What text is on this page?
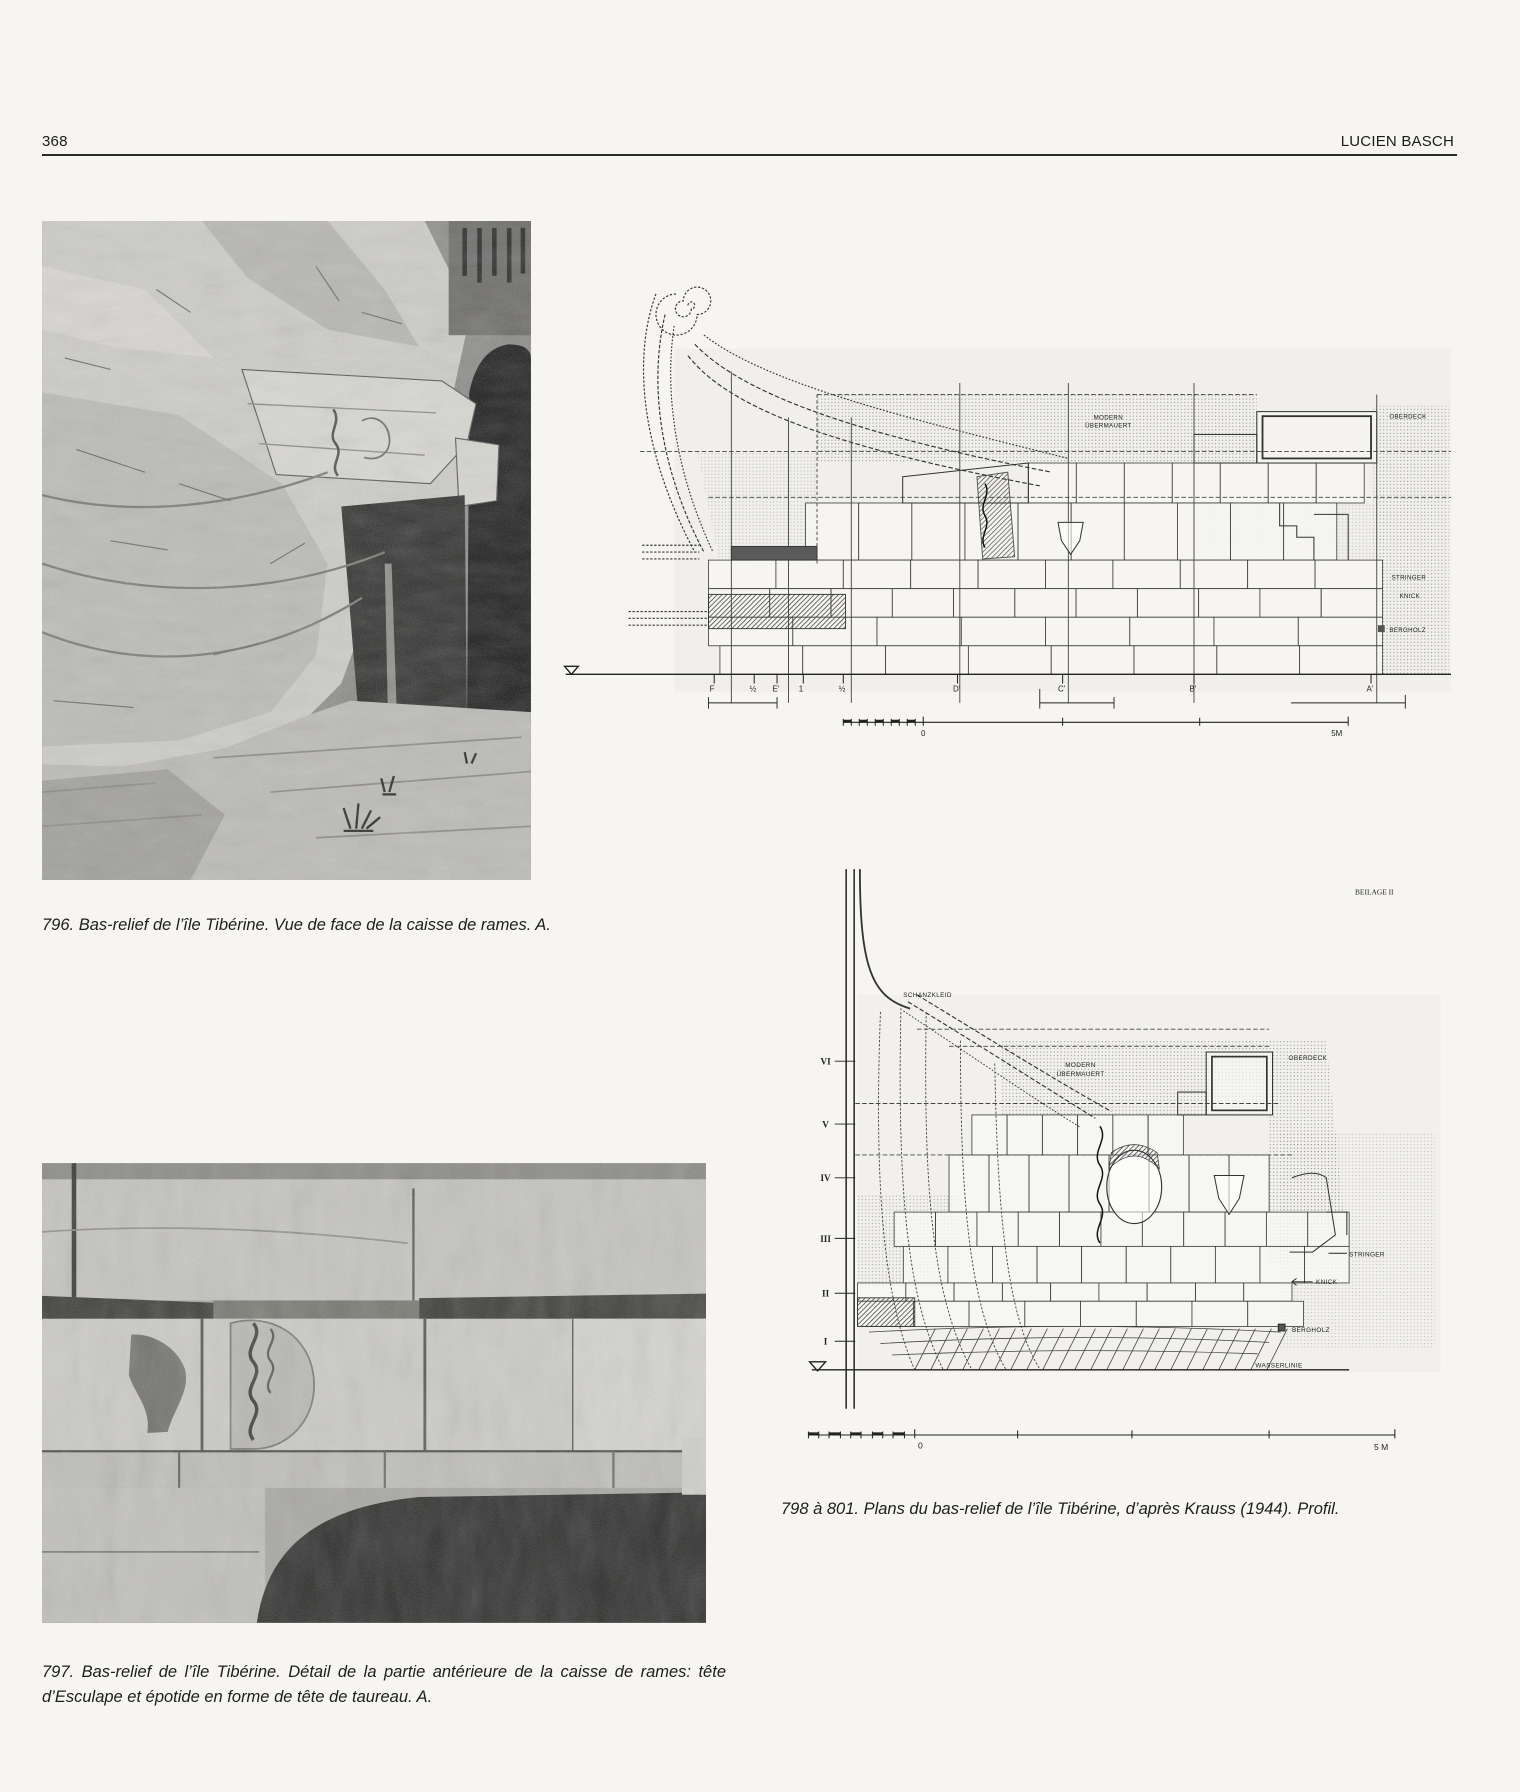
368	LUCIEN BASCH
F	½ E'	1	½	D'	C'	B'	A'
0	5M
MODERN
ÜBERMAUERT
OBERDECK
STRINGER
KNICK
BERGHOLZ
796. Bas-relief de l’île Tibérine. Vue de face de la caisse de rames. A.
VI
V
IV
III
II
I
0	5 M
BEILAGE II
SCHANZKLEID
MODERN
ÜBERMAUERT
OBERDECK
STRINGER
KNICK
BERGHOLZ
WASSERLINIE
798 à 801. Plans du bas-relief de l’île Tibérine, d’après Krauss (1944). Profil.
797. Bas-relief de l’île Tibérine. Détail de la partie antérieure de la caisse de rames: tête d’Esculape et épotide en forme de tête de taureau. A.
